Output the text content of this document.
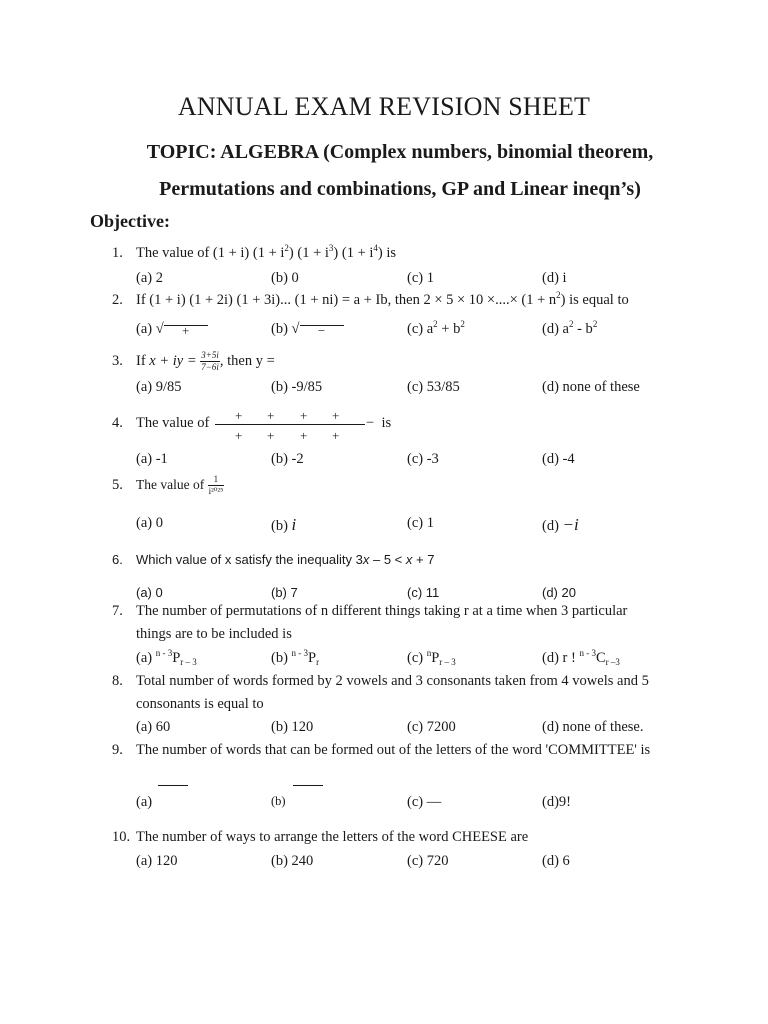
ANNUAL EXAM REVISION SHEET
TOPIC: ALGEBRA (Complex numbers, binomial theorem,
Permutations and combinations, GP and Linear ineqn’s)
Objective:
1. The value of (1 + i) $(1 + i^2)$ $(1 + i^3)$ $(1 + i^4)$ is
(a) 2	(b) 0	(c) 1	(d) i
2. If (1 + i) (1 + 2i) (1 + 3i)... (1 + ni) = a + Ib, then 2 × 5 × 10 ×....× $(1 + n^2)$ is equal to
(a) √ +	(b) √ −	(c) $a^2 + b^2$	(d) $a^2 - b^2$
3. If x + iy = $\frac{3+5i}{7-6i}$ , then y =
(a) 9/85	(b) -9/85	(c) 53/85	(d) none of these
4. The value of + + + +
+ + + +
− is
(a) -1	(b) -2	(c) -3	(d) -4
5. The value of $\frac{1}{\text{i²⁰²⁵}}$
(a) 0	(b) i	(c) 1	(d) −i
6. Which value of x satisfy the inequality 3x – 5 < x + 7
(a) 0	(b) 7	(c) 11	(d) 20
7. The number of permutations of n different things taking r at a time when 3 particular
things are to be included is
(a) $^{n - 3}P_{r - 3}$	(b) $^{n - 3}P_r$	(c) $^nP_{r - 3}$	(d) r ! $^{n - 3}C_{r -3}$
8. Total number of words formed by 2 vowels and 3 consonants taken from 4 vowels and 5
consonants is equal to
(a) 60	(b) 120	(c) 7200	(d) none of these.
9. The number of words that can be formed out of the letters of the word 'COMMITTEE' is
(a)	(b)	(c) —	(d)9!
10. The number of ways to arrange the letters of the word CHEESE are
(a) 120	(b) 240	(c) 720	(d) 6
